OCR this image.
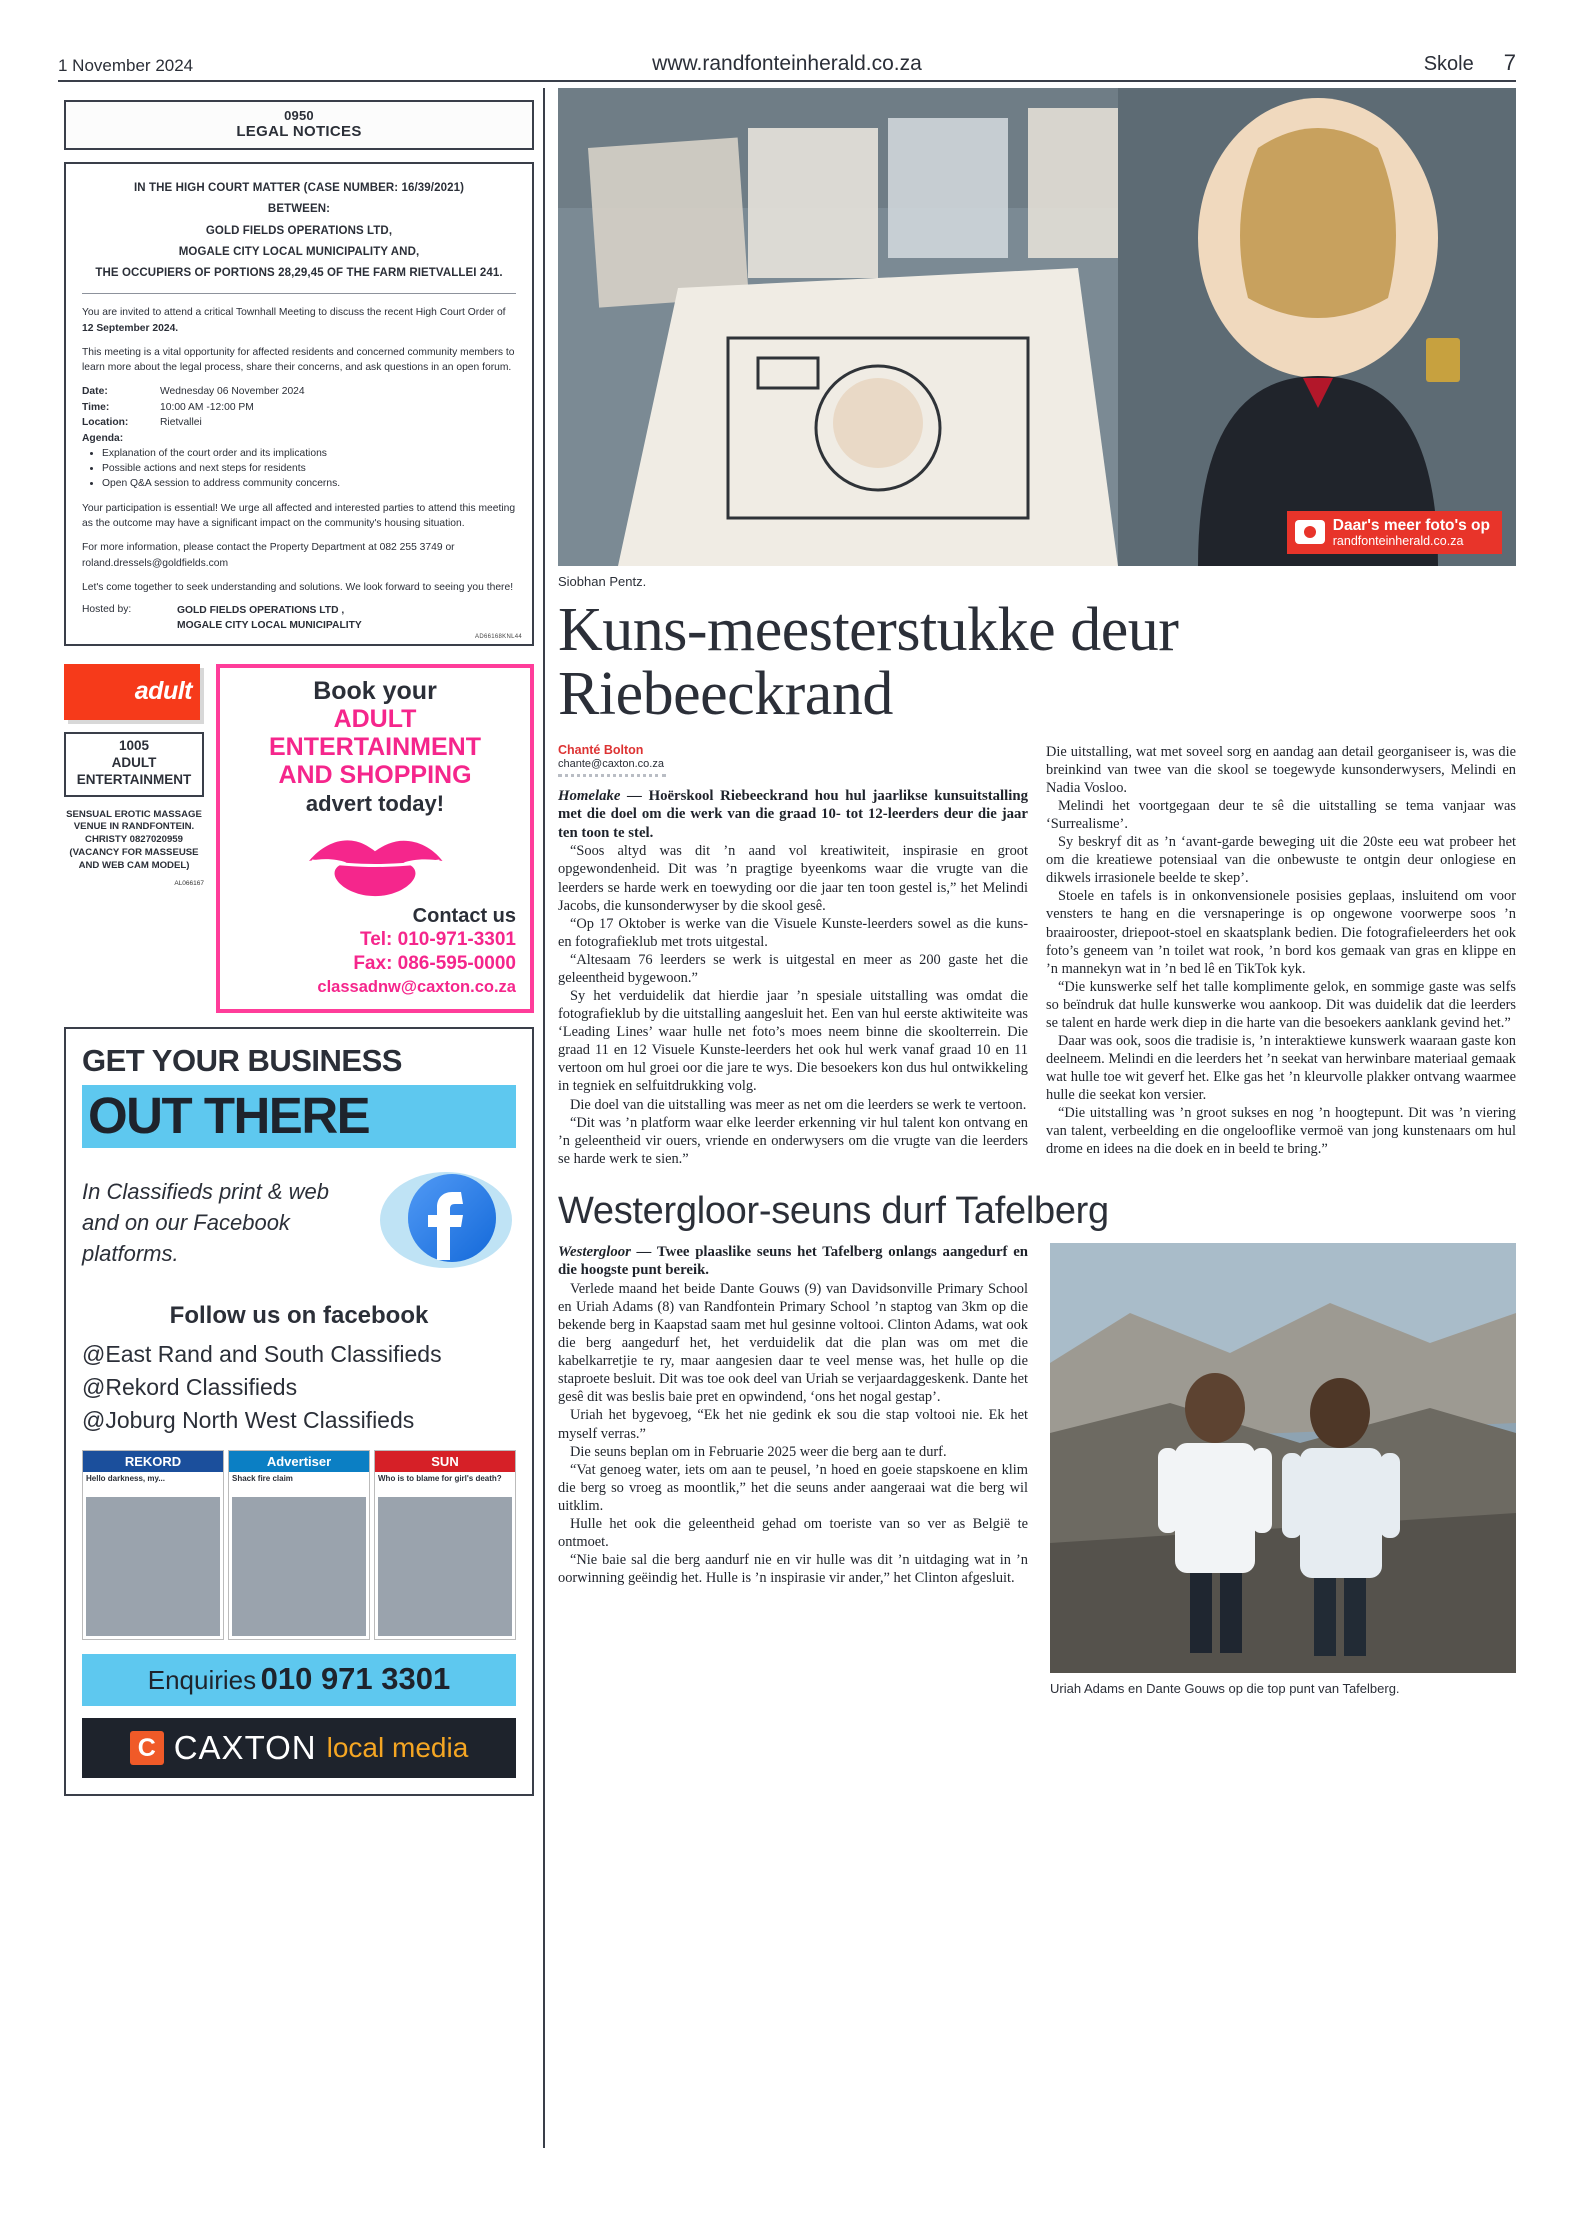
1 November 2024	www.randfonteinherald.co.za	Skole 7
0950
LEGAL NOTICES
IN THE HIGH COURT MATTER (CASE NUMBER: 16/39/2021)
BETWEEN:
GOLD FIELDS OPERATIONS LTD,
MOGALE CITY LOCAL MUNICIPALITY AND,
THE OCCUPIERS OF PORTIONS 28,29,45 OF THE FARM RIETVALLEI 241.
You are invited to attend a critical Townhall Meeting to discuss the recent High Court Order of 12 September 2024.
This meeting is a vital opportunity for affected residents and concerned community members to learn more about the legal process, share their concerns, and ask questions in an open forum.
Date:	Wednesday 06 November 2024
Time:	10:00 AM -12:00 PM
Location:	Rietvallei
Agenda:
• Explanation of the court order and its implications
• Possible actions and next steps for residents
• Open Q&A session to address community concerns.
Your participation is essential! We urge all affected and interested parties to attend this meeting as the outcome may have a significant impact on the community's housing situation.
For more information, please contact the Property Department at 082 255 3749 or roland.dressels@goldfields.com
Let's come together to seek understanding and solutions. We look forward to seeing you there!
Hosted by:	GOLD FIELDS OPERATIONS LTD ,
MOGALE CITY LOCAL MUNICIPALITY
AD66168KNL44
adult
1005
ADULT
ENTERTAINMENT
SENSUAL EROTIC MASSAGE VENUE IN RANDFONTEIN. CHRISTY 0827020959 (VACANCY FOR MASSEUSE AND WEB CAM MODEL)
AL066167
Book your
ADULT ENTERTAINMENT
AND SHOPPING
advert today!
Contact us
Tel: 010-971-3301
Fax: 086-595-0000
classadnw@caxton.co.za
GET YOUR BUSINESS
OUT THERE
In Classifieds print & web and on our Facebook platforms.
Follow us on facebook
@East Rand and South Classifieds
@Rekord Classifieds
@Joburg North West Classifieds
REKORD
Hello darkness, my...
Advertiser
Shack fire claim
SUN
Who is to blame for girl's death?
Enquiries 010 971 3301
C CAXTON local media
Daar's meer foto's op
randfonteinherald.co.za
Siobhan Pentz.
Kuns-meesterstukke deur Riebeeckrand
Chanté Bolton
chante@caxton.co.za

Homelake — Hoërskool Riebeeckrand hou hul jaarlikse kunsuitstalling met die doel om die werk van die graad 10- tot 12-leerders deur die jaar ten toon te stel.

“Soos altyd was dit ’n aand vol kreatiwiteit, inspirasie en groot opgewondenheid. Dit was ’n pragtige byeenkoms waar die vrugte van die leerders se harde werk en toewyding oor die jaar ten toon gestel is,” het Melindi Jacobs, die kunsonderwyser by die skool gesê.

“Op 17 Oktober is werke van die Visuele Kunste-leerders sowel as die kuns- en fotografieklub met trots uitgestal.

“Altesaam 76 leerders se werk is uitgestal en meer as 200 gaste het die geleentheid bygewoon.”

Sy het verduidelik dat hierdie jaar ’n spesiale uitstalling was omdat die fotografieklub by die uitstalling aangesluit het. Een van hul eerste aktiwiteite was ‘Leading Lines’ waar hulle net foto’s moes neem binne die skoolterrein. Die graad 11 en 12 Visuele Kunste-leerders het ook hul werk vanaf graad 10 en 11 vertoon om hul groei oor die jare te wys. Die besoekers kon dus hul ontwikkeling in tegniek en selfuitdrukking volg.

Die doel van die uitstalling was meer as net om die leerders se werk te vertoon.

“Dit was ’n platform waar elke leerder erkenning vir hul talent kon ontvang en ’n geleentheid vir ouers, vriende en onderwysers om die vrugte van die leerders se harde werk te sien.”

Die uitstalling, wat met soveel sorg en aandag aan detail georganiseer is, was die breinkind van twee van die skool se toegewyde kunsonderwysers, Melindi en Nadia Vosloo.

Melindi het voortgegaan deur te sê die uitstalling se tema vanjaar was ‘Surrealisme’.

Sy beskryf dit as ’n ‘avant-garde beweging uit die 20ste eeu wat probeer het om die kreatiewe potensiaal van die onbewuste te ontgin deur onlogiese en dikwels irrasionele beelde te skep’.

Stoele en tafels is in onkonvensionele posisies geplaas, insluitend om voor vensters te hang en die versnaperinge is op ongewone voorwerpe soos ’n braairooster, driepoot-stoel en skaatsplank bedien. Die fotografieleerders het ook foto’s geneem van ’n toilet wat rook, ’n bord kos gemaak van gras en klippe en ’n mannekyn wat in ’n bed lê en TikTok kyk.

“Die kunswerke self het talle komplimente gelok, en sommige gaste was selfs so beïndruk dat hulle kunswerke wou aankoop. Dit was duidelik dat die leerders se talent en harde werk diep in die harte van die besoekers aanklank gevind het.”

Daar was ook, soos die tradisie is, ’n interaktiewe kunswerk waaraan gaste kon deelneem. Melindi en die leerders het ’n seekat van herwinbare materiaal gemaak wat hulle toe wit geverf het. Elke gas het ’n kleurvolle plakker ontvang waarmee hulle die seekat kon versier.

“Die uitstalling was ’n groot sukses en nog ’n hoogtepunt. Dit was ’n viering van talent, verbeelding en die ongelooflike vermoë van jong kunstenaars om hul drome en idees na die doek en in beeld te bring.”

Westergloor-seuns durf Tafelberg

Westergloor — Twee plaaslike seuns het Tafelberg onlangs aangedurf en die hoogste punt bereik.

Verlede maand het beide Dante Gouws (9) van Davidsonville Primary School en Uriah Adams (8) van Randfontein Primary School ’n staptog van 3km op die bekende berg in Kaapstad saam met hul gesinne voltooi. Clinton Adams, wat ook die berg aangedurf het, het verduidelik dat die plan was om met die kabelkarretjie te ry, maar aangesien daar te veel mense was, het hulle op die staproete besluit. Dit was toe ook deel van Uriah se verjaardaggeskenk. Dante het gesê dit was beslis baie pret en opwindend, ‘ons het nogal gestap’.

Uriah het bygevoeg, “Ek het nie gedink ek sou die stap voltooi nie. Ek het myself verras.”

Die seuns beplan om in Februarie 2025 weer die berg aan te durf.

“Vat genoeg water, iets om aan te peusel, ’n hoed en goeie stapskoene en klim die berg so vroeg as moontlik,” het die seuns ander aangeraai wat die berg wil uitklim.

Hulle het ook die geleentheid gehad om toeriste van so ver as België te ontmoet.

“Nie baie sal die berg aandurf nie en vir hulle was dit ’n uitdaging wat in ’n oorwinning geëindig het. Hulle is ’n inspirasie vir ander,” het Clinton afgesluit.

Uriah Adams en Dante Gouws op die top punt van Tafelberg.
